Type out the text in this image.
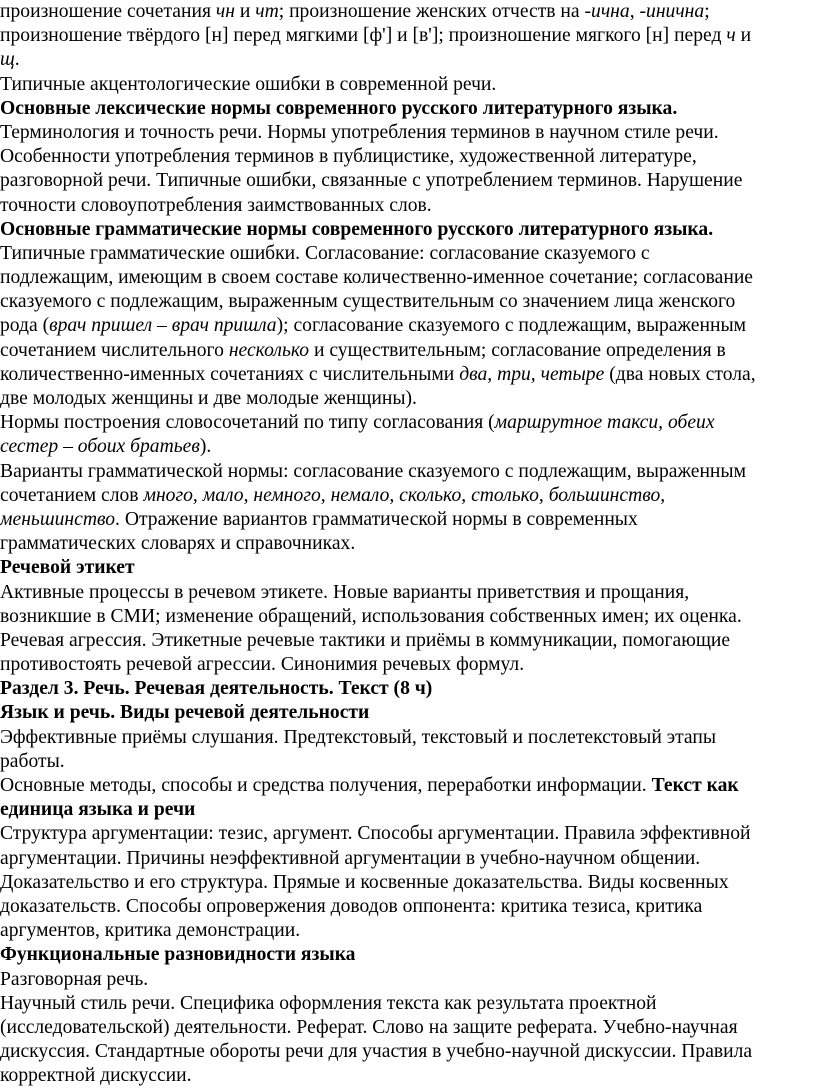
произношение сочетания чн и чт; произношение женских отчеств на -ична, -инична;
произношение твёрдого [н] перед мягкими [ф'] и [в']; произношение мягкого [н] перед ч и
щ.
Типичные акцентологические ошибки в современной речи.
Основные лексические нормы современного русского литературного языка.
Терминология и точность речи. Нормы употребления терминов в научном стиле речи.
Особенности употребления терминов в публицистике, художественной литературе,
разговорной речи. Типичные ошибки, связанные с употреблением терминов. Нарушение
точности словоупотребления заимствованных слов.
Основные грамматические нормы современного русского литературного языка.
Типичные грамматические ошибки. Согласование: согласование сказуемого с
подлежащим, имеющим в своем составе количественно-именное сочетание; согласование
сказуемого с подлежащим, выраженным существительным со значением лица женского
рода (врач пришел – врач пришла); согласование сказуемого с подлежащим, выраженным
сочетанием числительного несколько и существительным; согласование определения в
количественно-именных сочетаниях с числительными два, три, четыре (два новых стола,
две молодых женщины и две молодые женщины).
Нормы построения словосочетаний по типу согласования (маршрутное такси, обеих
сестер – обоих братьев).
Варианты грамматической нормы: согласование сказуемого с подлежащим, выраженным
сочетанием слов много, мало, немного, немало, сколько, столько, большинство,
меньшинство. Отражение вариантов грамматической нормы в современных
грамматических словарях и справочниках.
Речевой этикет
Активные процессы в речевом этикете. Новые варианты приветствия и прощания,
возникшие в СМИ; изменение обращений, использования собственных имен; их оценка.
Речевая агрессия. Этикетные речевые тактики и приёмы в коммуникации, помогающие
противостоять речевой агрессии. Синонимия речевых формул.
Раздел 3. Речь. Речевая деятельность. Текст (8 ч)
Язык и речь. Виды речевой деятельности
Эффективные приёмы слушания. Предтекстовый, текстовый и послетекстовый этапы
работы.
Основные методы, способы и средства получения, переработки информации. Текст как
единица языка и речи
Структура аргументации: тезис, аргумент. Способы аргументации. Правила эффективной
аргументации. Причины неэффективной аргументации в учебно-научном общении.
Доказательство и его структура. Прямые и косвенные доказательства. Виды косвенных
доказательств. Способы опровержения доводов оппонента: критика тезиса, критика
аргументов, критика демонстрации.
Функциональные разновидности языка
Разговорная речь.
Научный стиль речи. Специфика оформления текста как результата проектной
(исследовательской) деятельности. Реферат. Слово на защите реферата. Учебно-научная
дискуссия. Стандартные обороты речи для участия в учебно-научной дискуссии. Правила
корректной дискуссии.
